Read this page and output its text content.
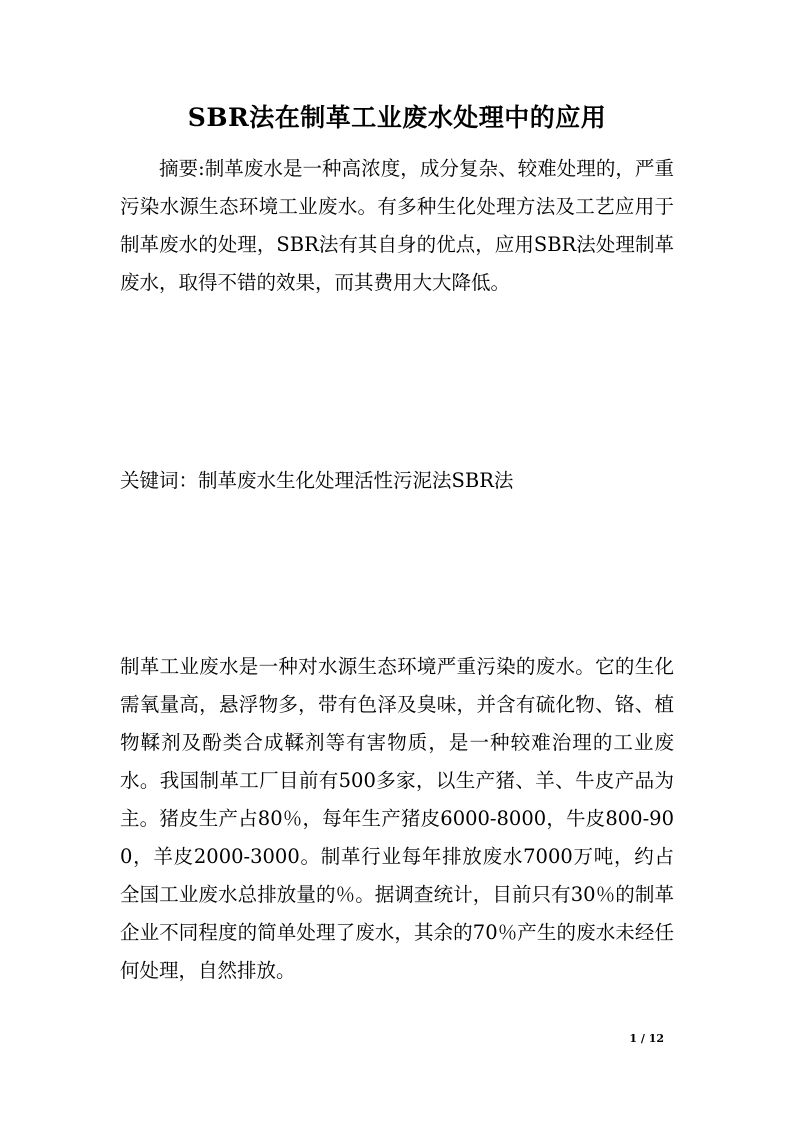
SBR法在制革工业废水处理中的应用

摘要:制革废水是一种高浓度，成分复杂、较难处理的，严重污染水源生态环境工业废水。有多种生化处理方法及工艺应用于制革废水的处理，SBR法有其自身的优点，应用SBR法处理制革废水，取得不错的效果，而其费用大大降低。

关键词：制革废水生化处理活性污泥法SBR法

制革工业废水是一种对水源生态环境严重污染的废水。它的生化需氧量高，悬浮物多，带有色泽及臭味，并含有硫化物、铬、植物鞣剂及酚类合成鞣剂等有害物质，是一种较难治理的工业废水。我国制革工厂目前有500多家，以生产猪、羊、牛皮产品为主。猪皮生产占80％，每年生产猪皮6000-8000，牛皮800-900，羊皮2000-3000。制革行业每年排放废水7000万吨，约占全国工业废水总排放量的％。据调查统计，目前只有30％的制革企业不同程度的简单处理了废水，其余的70％产生的废水未经任何处理，自然排放。

1 / 12
